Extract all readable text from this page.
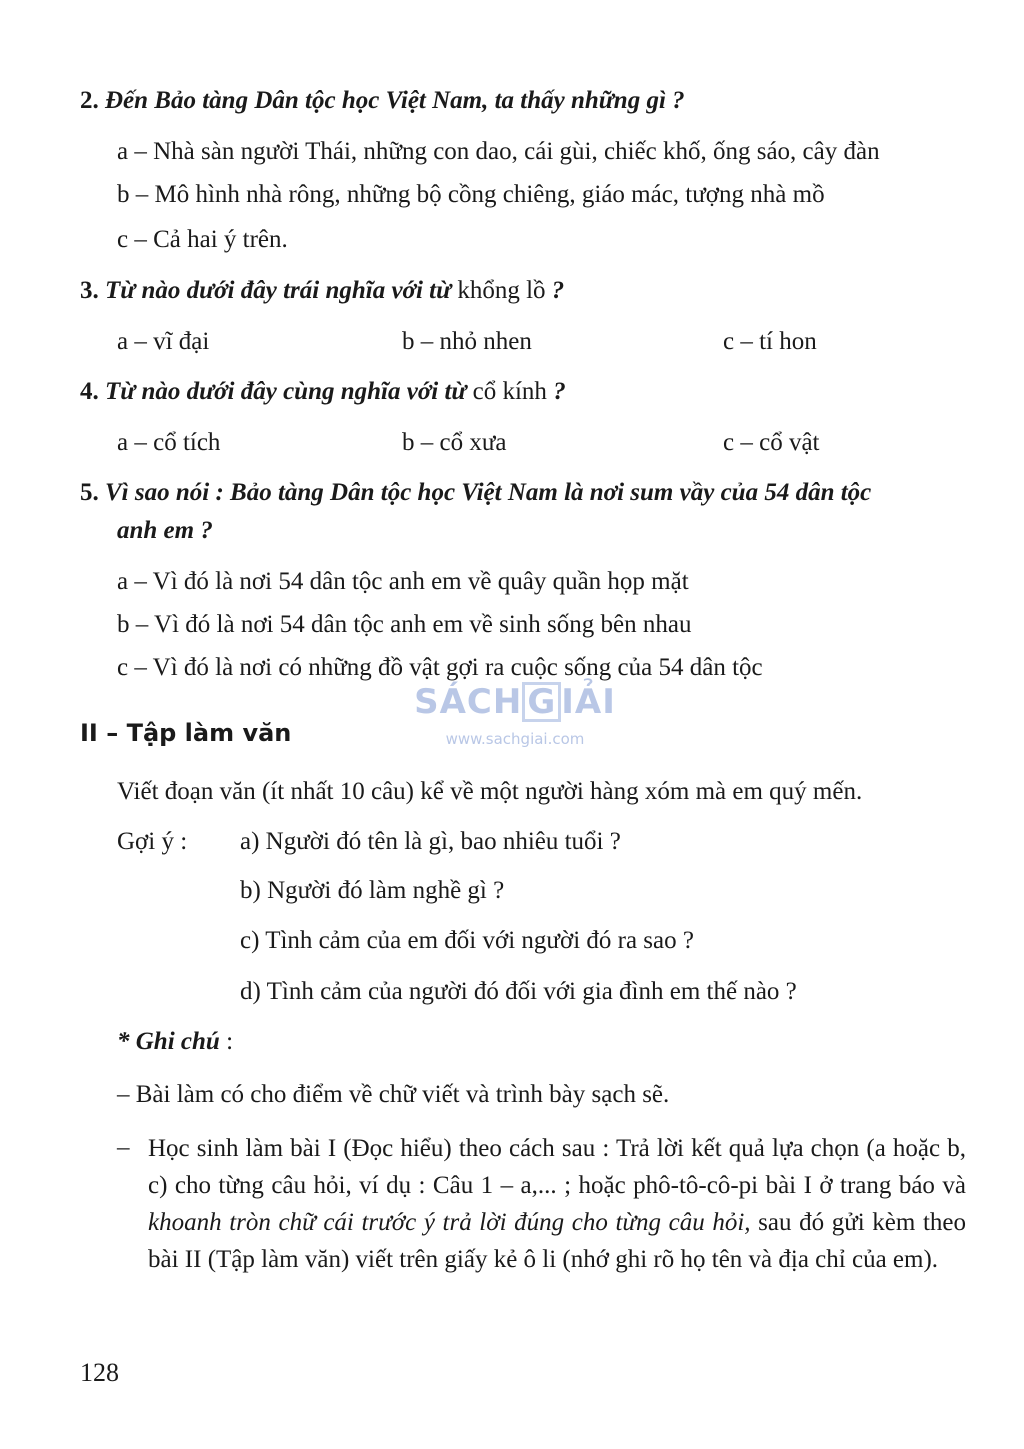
2. Đến Bảo tàng Dân tộc học Việt Nam, ta thấy những gì ?
a – Nhà sàn người Thái, những con dao, cái gùi, chiếc khố, ống sáo, cây đàn
b – Mô hình nhà rông, những bộ cồng chiêng, giáo mác, tượng nhà mồ
c – Cả hai ý trên.
3. Từ nào dưới đây trái nghĩa với từ khổng lồ ?
a – vĩ đại	b – nhỏ nhen	c – tí hon
4. Từ nào dưới đây cùng nghĩa với từ cổ kính ?
a – cổ tích	b – cổ xưa	c – cổ vật
5. Vì sao nói : Bảo tàng Dân tộc học Việt Nam là nơi sum vầy của 54 dân tộc
anh em ?
a – Vì đó là nơi 54 dân tộc anh em về quây quần họp mặt
b – Vì đó là nơi 54 dân tộc anh em về sinh sống bên nhau
c – Vì đó là nơi có những đồ vật gợi ra cuộc sống của 54 dân tộc
SÁCH G IẢI
www.sachgiai.com
II – Tập làm văn
Viết đoạn văn (ít nhất 10 câu) kể về một người hàng xóm mà em quý mến.
Gợi ý : a) Người đó tên là gì, bao nhiêu tuổi ?
b) Người đó làm nghề gì ?
c) Tình cảm của em đối với người đó ra sao ?
d) Tình cảm của người đó đối với gia đình em thế nào ?
* Ghi chú :
– Bài làm có cho điểm về chữ viết và trình bày sạch sẽ.
– Học sinh làm bài I (Đọc hiểu) theo cách sau : Trả lời kết quả lựa chọn (a hoặc b, c) cho từng câu hỏi, ví dụ : Câu 1 – a,... ; hoặc phô-tô-cô-pi bài I ở trang báo và khoanh tròn chữ cái trước ý trả lời đúng cho từng câu hỏi, sau đó gửi kèm theo bài II (Tập làm văn) viết trên giấy kẻ ô li (nhớ ghi rõ họ tên và địa chỉ của em).
128
